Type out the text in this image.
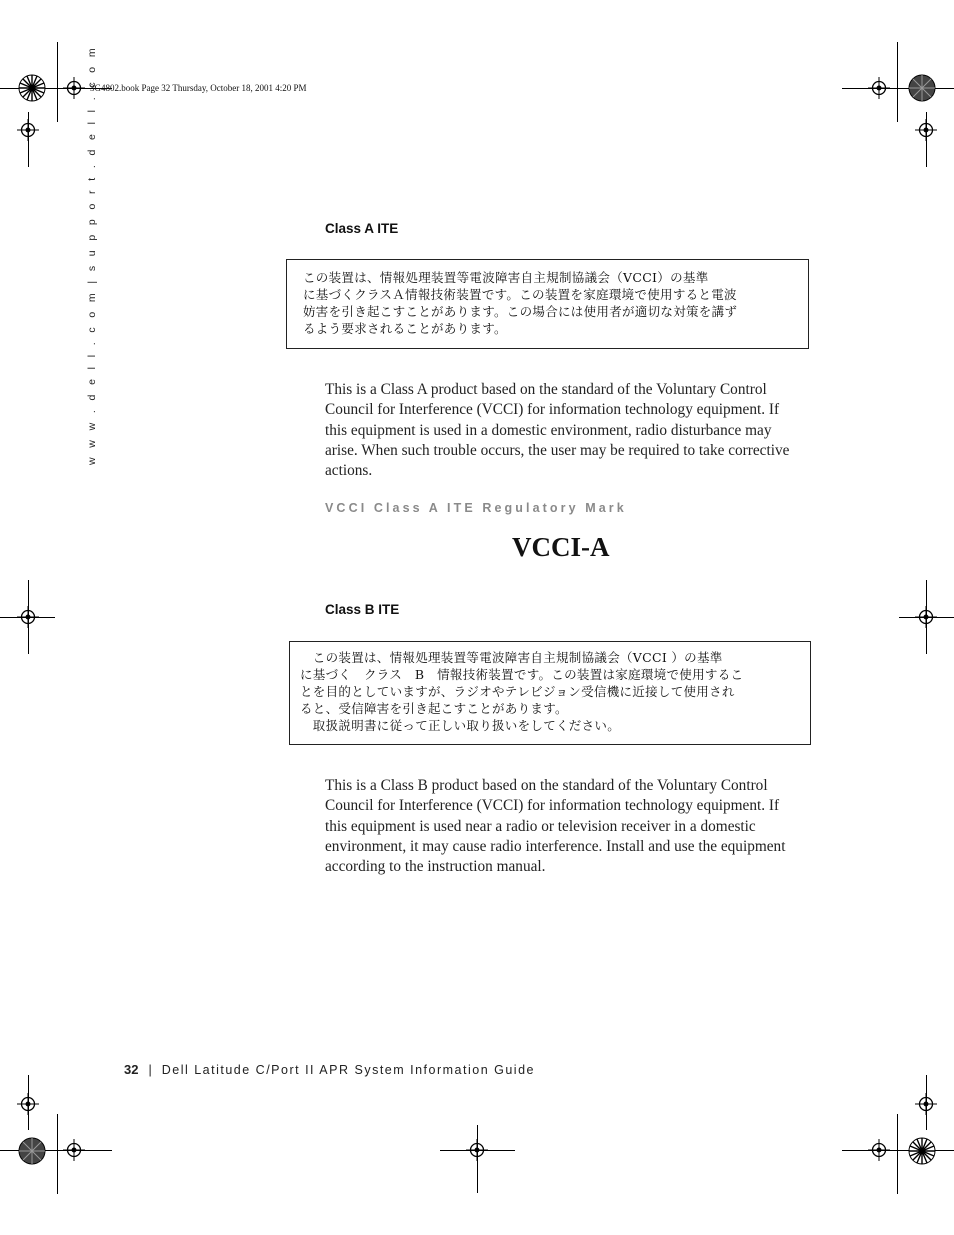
3G4802.book Page 32 Thursday, October 18, 2001 4:20 PM
w w w . d e l l . c o m | s u p p o r t . d e l l . c o m	Class A ITE
この装置は、情報処理装置等電波障害自主規制協議会（VCCI）の基準
に基づくクラスＡ情報技術装置です。この装置を家庭環境で使用すると電波
妨害を引き起こすことがあります。この場合には使用者が適切な対策を講ず
るよう要求されることがあります。
This is a Class A product based on the standard of the Voluntary Control
Council for Interference (VCCI) for information technology equipment. If
this equipment is used in a domestic environment, radio disturbance may
arise. When such trouble occurs, the user may be required to take corrective
actions.
VCCI Class A ITE Regulatory Mark
VCCI-A
Class B ITE
　この装置は、情報処理装置等電波障害自主規制協議会（VCCI ）の基準
に基づく　クラス　B　情報技術装置です。この装置は家庭環境で使用するこ
とを目的としていますが、ラジオやテレビジョン受信機に近接して使用され
ると、受信障害を引き起こすことがあります。
　取扱説明書に従って正しい取り扱いをしてください。
This is a Class B product based on the standard of the Voluntary Control
Council for Interference (VCCI) for information technology equipment. If
this equipment is used near a radio or television receiver in a domestic
environment, it may cause radio interference. Install and use the equipment
according to the instruction manual.
32 | Dell Latitude C/Port II APR System Information Guide
